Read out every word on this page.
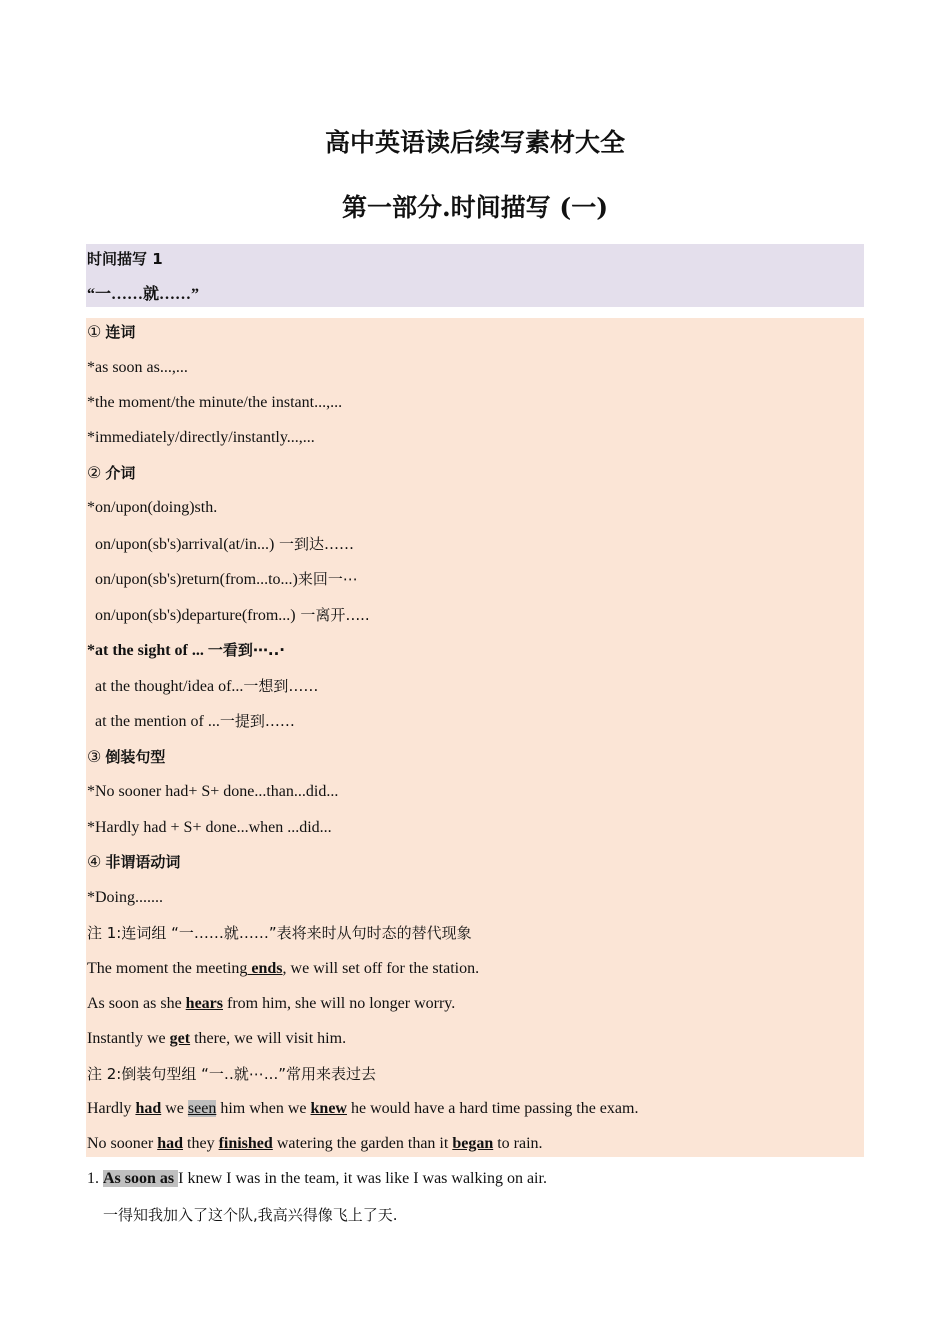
高中英语读后续写素材大全
第一部分.时间描写 (一)
时间描写 1
“一……就……”
① 连词
*as soon as...,...
*the moment/the minute/the instant...,...
*immediately/directly/instantly...,...
② 介词
*on/upon(doing)sth.
on/upon(sb's)arrival(at/in...) 一到达……
on/upon(sb's)return(from...to...)来回一⋯
on/upon(sb's)departure(from...) 一离开‥...
*at the sight of ... 一看到⋯..·
at the thought/idea of...一想到……
at the mention of ...一提到……
③ 倒装句型
*No sooner had+ S+ done...than...did...
*Hardly had + S+ done...when ...did...
④ 非谓语动词
*Doing.......
注 1:连词组 “一……就……”表将来时从句时态的替代现象
The moment the meeting ends, we will set off for the station.
As soon as she hears from him, she will no longer worry.
Instantly we get there, we will visit him.
注 2:倒装句型组 “一‥就⋯...”常用来表过去
Hardly had we seen him when we knew he would have a hard time passing the exam.
No sooner had they finished watering the garden than it began to rain.
1. As soon as I knew I was in the team, it was like I was walking on air.
一得知我加入了这个队,我高兴得像飞上了天.
